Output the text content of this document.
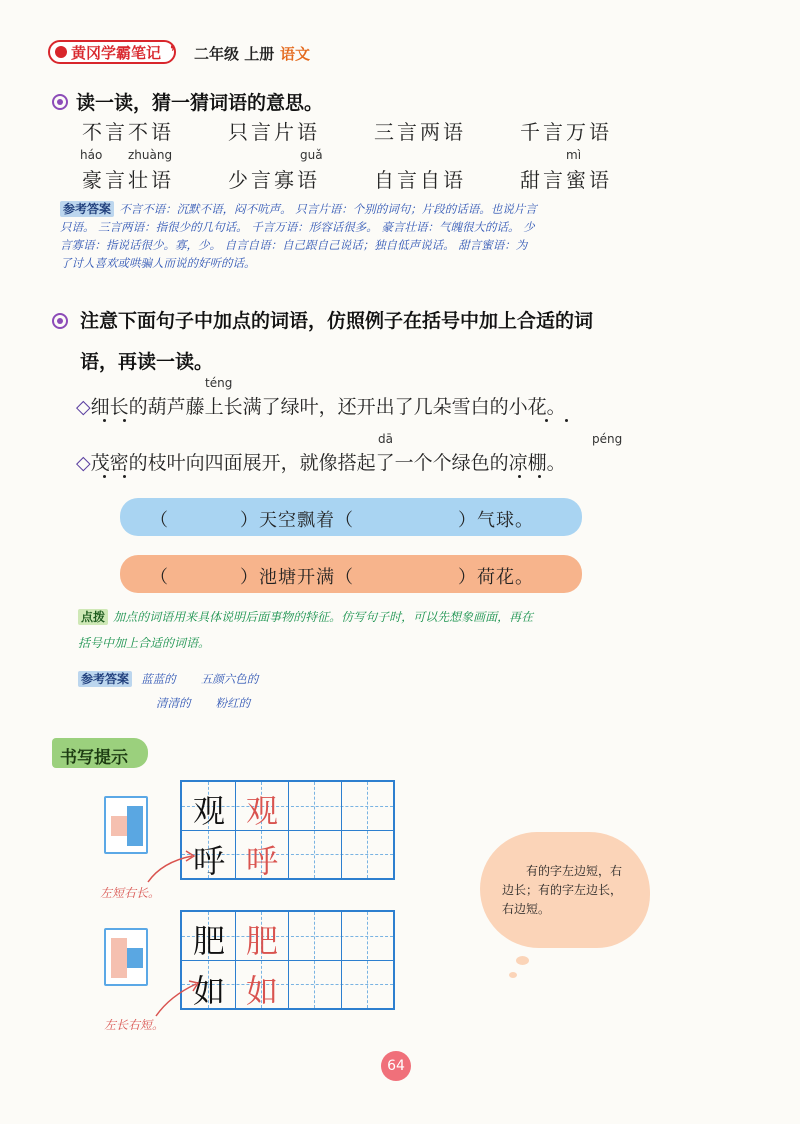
黄冈学霸笔记 ❜ 二年级 上册 语文
读一读，猜一猜词语的意思。
不言不语	只言片语	三言两语	千言万语
háo zhuàng	guǎ	mì
豪言壮语	少言寡语	自言自语	甜言蜜语
参考答案 不言不语：沉默不语，闷不吭声。 只言片语：个别的词句；片段的话语。也说片言
只语。 三言两语：指很少的几句话。 千言万语：形容话很多。 豪言壮语：气魄很大的话。 少
言寡语：指说话很少。寡，少。 自言自语：自己跟自己说话；独自低声说话。 甜言蜜语：为
了讨人喜欢或哄骗人而说的好听的话。
注意下面句子中加点的词语，仿照例子在括号中加上合适的词
语，再读一读。
téng
◇细长的葫芦藤上长满了绿叶，还开出了几朵雪白的小花。
dā	péng
◇茂密的枝叶向四面展开，就像搭起了一个个绿色的凉棚。
（	）天空飘着（	）气球。
（	）池塘开满（	）荷花。
点拨 加点的词语用来具体说明后面事物的特征。仿写句子时，可以先想象画面，再在
括号中加上合适的词语。
参考答案 蓝蓝的 五颜六色的
清清的 粉红的
书写提示
观 观
呼 呼
肥 肥
如 如
左短右长。
左长右短。
有的字左边短，右边长；有的字左边长，右边短。
64
